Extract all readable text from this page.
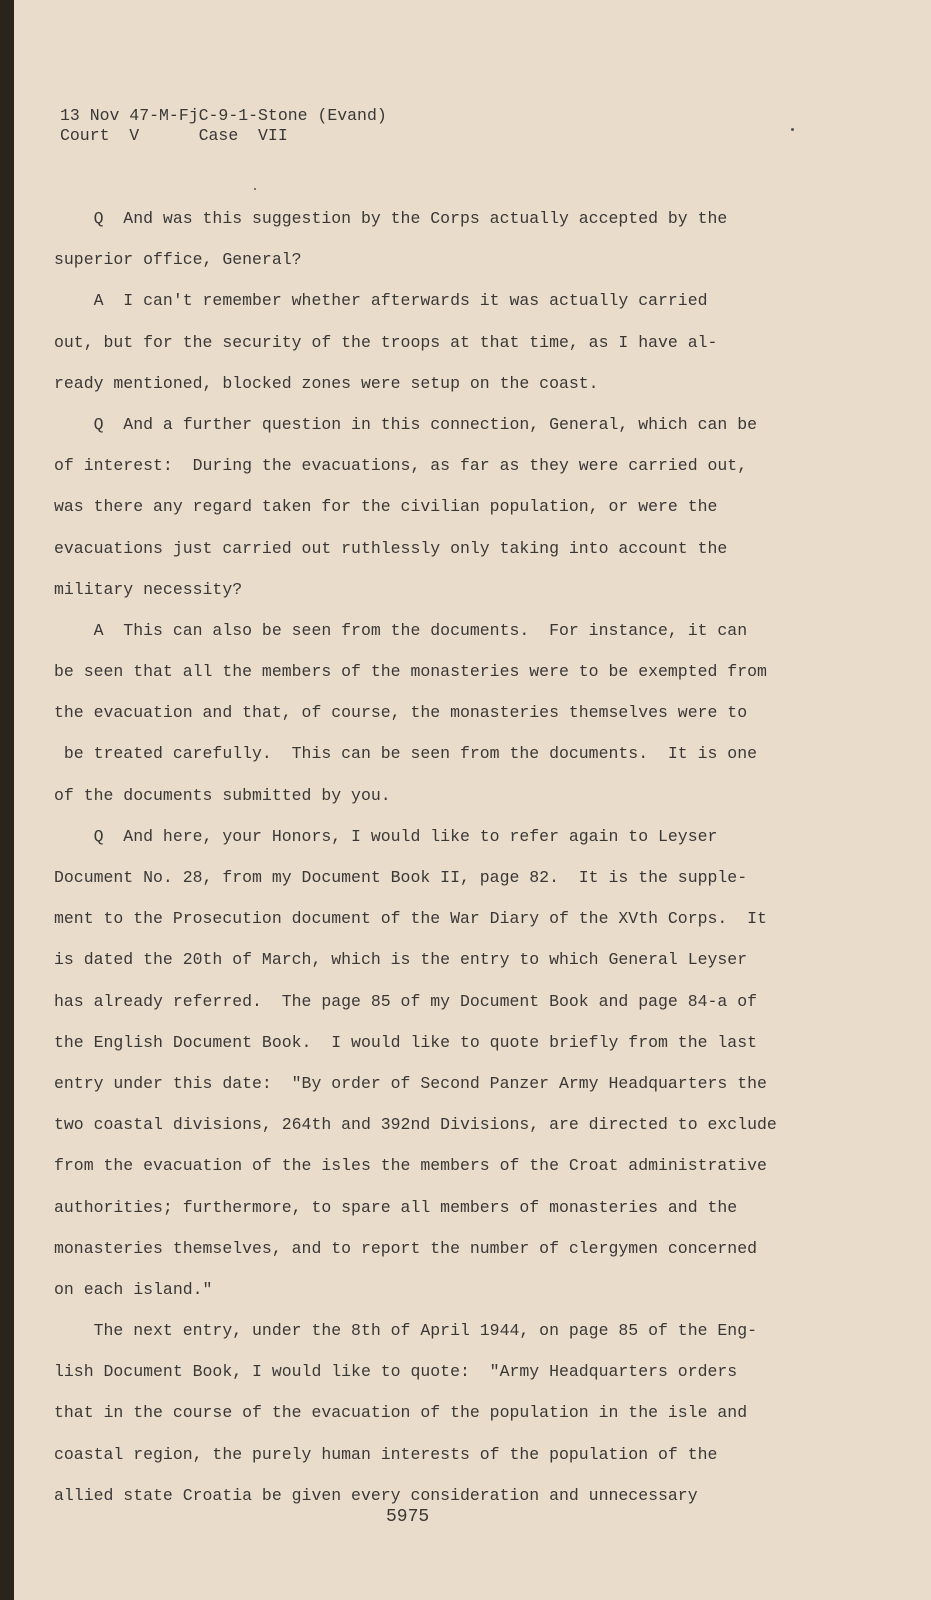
13 Nov 47-M-FjC-9-1-Stone (Evand)
Court  V      Case  VII
Q  And was this suggestion by the Corps actually accepted by the
superior office, General?
A  I can't remember whether afterwards it was actually carried
out, but for the security of the troops at that time, as I have al-
ready mentioned, blocked zones were setup on the coast.
Q  And a further question in this connection, General, which can be
of interest:  During the evacuations, as far as they were carried out,
was there any regard taken for the civilian population, or were the
evacuations just carried out ruthlessly only taking into account the
military necessity?
A  This can also be seen from the documents.  For instance, it can
be seen that all the members of the monasteries were to be exempted from
the evacuation and that, of course, the monasteries themselves were to
be treated carefully.  This can be seen from the documents.  It is one
of the documents submitted by you.
Q  And here, your Honors, I would like to refer again to Leyser
Document No. 28, from my Document Book II, page 82.  It is the supple-
ment to the Prosecution document of the War Diary of the XVth Corps.  It
is dated the 20th of March, which is the entry to which General Leyser
has already referred.  The page 85 of my Document Book and page 84-a of
the English Document Book.  I would like to quote briefly from the last
entry under this date:  "By order of Second Panzer Army Headquarters the
two coastal divisions, 264th and 392nd Divisions, are directed to exclude
from the evacuation of the isles the members of the Croat administrative
authorities; furthermore, to spare all members of monasteries and the
monasteries themselves, and to report the number of clergymen concerned
on each island."
The next entry, under the 8th of April 1944, on page 85 of the Eng-
lish Document Book, I would like to quote:  "Army Headquarters orders
that in the course of the evacuation of the population in the isle and
coastal region, the purely human interests of the population of the
allied state Croatia be given every consideration and unnecessary
5975
